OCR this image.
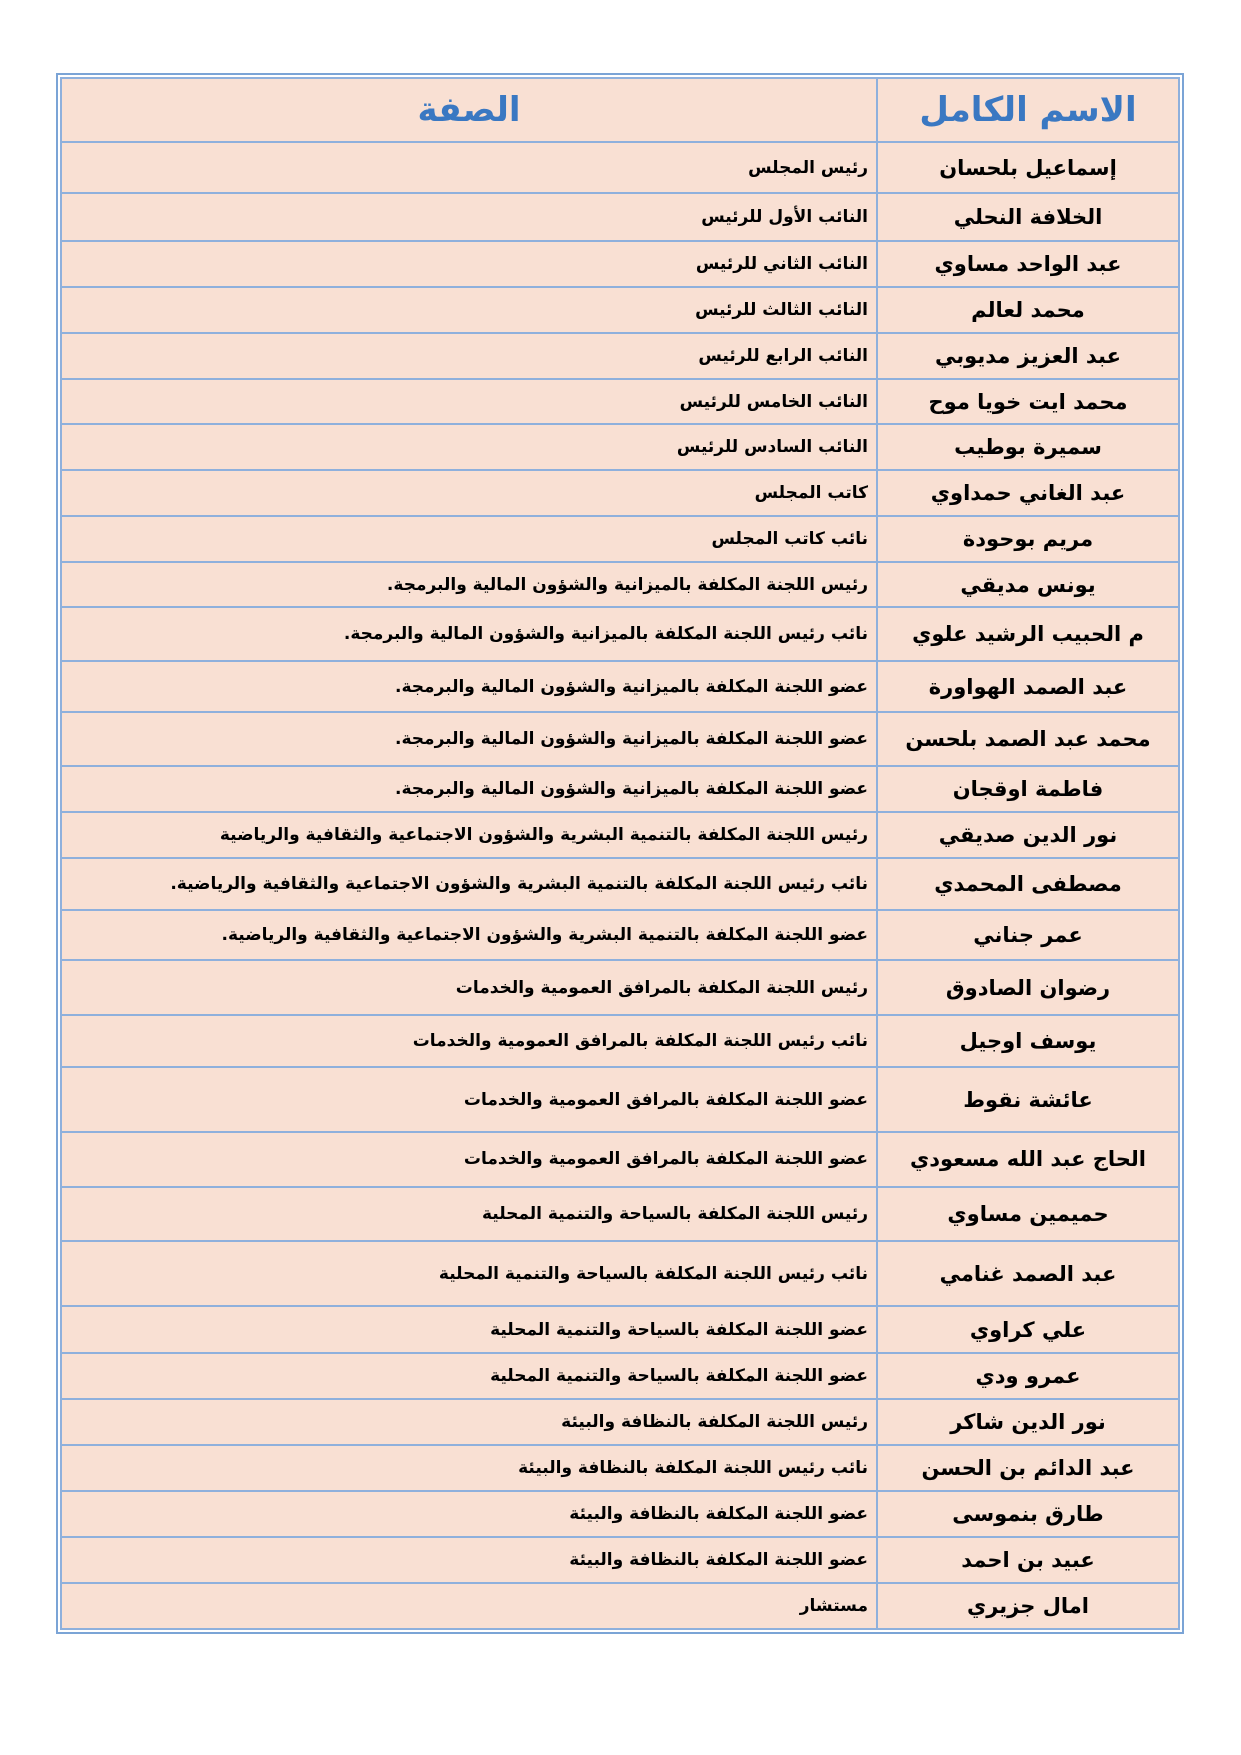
الاسم الكامل	الصفة
إسماعيل بلحسان	رئيس المجلس
الخلافة النحلي	النائب الأول للرئيس
عبد الواحد مساوي	النائب الثاني للرئيس
محمد لعالم	النائب الثالث للرئيس
عبد العزيز مديوبي	النائب الرابع للرئيس
محمد ايت خويا موح	النائب الخامس للرئيس
سميرة بوطيب	النائب السادس للرئيس
عبد الغاني حمداوي	كاتب المجلس
مريم بوحودة	نائب كاتب المجلس
يونس مديقي	رئيس اللجنة المكلفة بالميزانية والشؤون المالية والبرمجة.
م الحبيب الرشيد علوي	نائب رئيس اللجنة المكلفة بالميزانية والشؤون المالية والبرمجة.
عبد الصمد الهواورة	عضو اللجنة المكلفة بالميزانية والشؤون المالية والبرمجة.
محمد عبد الصمد بلحسن	عضو اللجنة المكلفة بالميزانية والشؤون المالية والبرمجة.
فاطمة اوقجان	عضو اللجنة المكلفة بالميزانية والشؤون المالية والبرمجة.
نور الدين صديقي	رئيس اللجنة المكلفة بالتنمية البشرية والشؤون الاجتماعية والثقافية والرياضية
مصطفى المحمدي	نائب رئيس اللجنة المكلفة بالتنمية البشرية والشؤون الاجتماعية والثقافية والرياضية.
عمر جناني	عضو اللجنة المكلفة بالتنمية البشرية والشؤون الاجتماعية والثقافية والرياضية.
رضوان الصادوق	رئيس اللجنة المكلفة بالمرافق العمومية والخدمات
يوسف اوجيل	نائب رئيس اللجنة المكلفة بالمرافق العمومية والخدمات
عائشة نقوط	عضو اللجنة المكلفة بالمرافق العمومية والخدمات
الحاج عبد الله مسعودي	عضو اللجنة المكلفة بالمرافق العمومية والخدمات
حميمين مساوي	رئيس اللجنة المكلفة بالسياحة والتنمية المحلية
عبد الصمد غنامي	نائب رئيس اللجنة المكلفة بالسياحة والتنمية المحلية
علي كراوي	عضو اللجنة المكلفة بالسياحة والتنمية المحلية
عمرو ودي	عضو اللجنة المكلفة بالسياحة والتنمية المحلية
نور الدين شاكر	رئيس اللجنة المكلفة بالنظافة والبيئة
عبد الدائم بن الحسن	نائب رئيس اللجنة المكلفة بالنظافة والبيئة
طارق بنموسى	عضو اللجنة المكلفة بالنظافة والبيئة
عبيد بن احمد	عضو اللجنة المكلفة بالنظافة والبيئة
امال جزيري	مستشار
